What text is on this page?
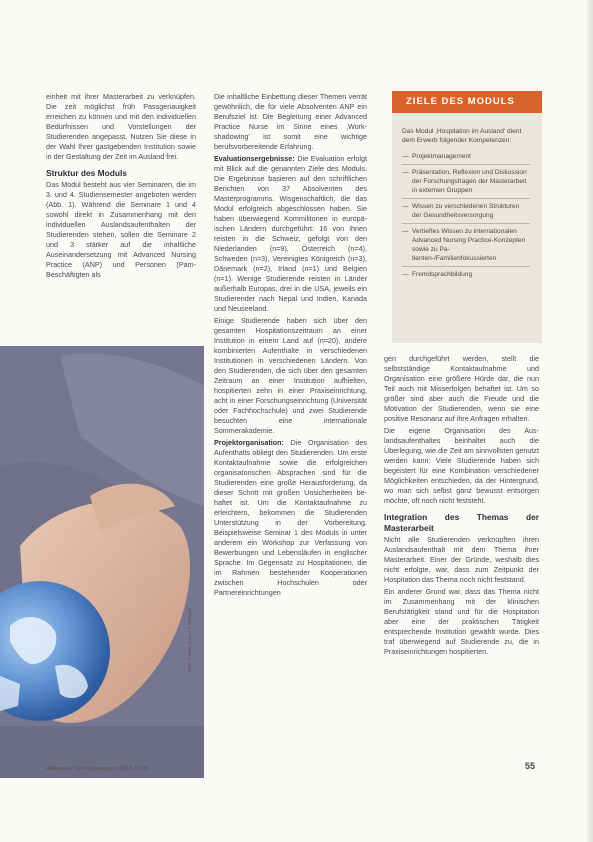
einheit mit ihrer Masterarbeit zu verknüpfen. Die zeit möglichst früh Passgenauigkeit erreichen zu können und mit den individuellen Bedürfnissen und Vorstellungen der Studierenden angepasst. Nutzen Sie diese in der Wahl Ihrer gastgebenden Institution sowie in der Gestaltung der Zeit im Ausland frei.

Struktur des Moduls

Das Modul besteht aus vier Seminaren, die im 3. und 4. Studiensemester angeboten werden (Abb. 1). Während die Seminare 1 und 4 sowohl direkt in Zusammenhang mit den individuellen Auslandsaufenthalten der Studierenden stehen, sollen die Seminare 2 und 3 stärker auf die inhaltliche Auseinandersetzung mit Advanced Nursing Practice (ANP) und Personen (Pam-Beschäftigten als

Foto: Fotolia_xxxxx / © Fotograf

Die inhaltliche Einbettung dieser Themen verrät gewöhnlich, die für viele Absolventen ANP ein Berufsziel ist. Die Begleitung einer Advanced Practice Nurse im Sinne eines ‚Work-shadowing' ist somit eine wichtige berufsvorbereitende Erfahrung.

Evaluationsergebnisse: Die Evaluation erfolgt mit Blick auf die genannten Ziele des Moduls. Die Ergebnisse basieren auf den schriftlichen Berichten von 37 Absolventen des Masterprogramms. Wisgenschaftlich, die das Modul erfolgreich abgeschlossen haben. Sie haben überwiegend Kommilitonen in europäischen Ländern durchgeführt: 16 von ihnen reisten in die Schweiz, gefolgt von den Niederlanden (n=9), Österreich (n=4), Schweden (n=3), Vereinigtes Königreich (n=3), Dänemark (n=2), Irland (n=1) und Belgien (n=1). Wenige Studierende reisten in Länder außerhalb Europas, drei in die USA, jeweils ein Studierender nach Nepal und Indien, Kanada und Neuseeland.

Einige Studierende haben sich über den gesamten Hospitationszeitraum an einer Institution in einem Land auf (n=20), andere kombinierten Aufenthalte in verschiedenen Institutionen in verschiedenen Ländern. Von den Studierenden, die sich über den gesamten Zeitraum an einer Institution aufhielten, hospitierten zehn in einer Praxiseinrichtung, acht in einer Forschungseinrichtung (Universität oder Fachhochschule) und zwei Studierende besuchten eine internationale Sommerakademie.

Projektorganisation: Die Organisation des Aufenthalts obliegt den Studierenden. Um erste Kontaktaufnahme sowie die erfolgreichen organisatorischen Absprachen sind für die Studierenden eine große Herausforderung, da dieser Schritt mit großen Unsicherheiten behaftet ist. Um die Kontaktaufnahme zu erleichtern, bekommen die Studierenden Unterstützung in der Vorbereitung. Beispielsweise Seminar 1 des Moduls in unter anderem ein Workshop zur Verfassung von Bewerbungen und Lebensläufen in englischer Sprache. Im Gegensatz zu Hospitationen, die im Rahmen bestehender Kooperationen zwischen Hochschulen oder Partnereinrichtungen

ZIELE DES MODULS

Das Modul ‚Hospitation im Ausland' dient dem Erwerb folgender Kompetenzen:

— Projektmanagement
— Präsentation, Reflexion und Diskussion der Forschungsfragen der Masterarbeit in externen Gruppen
— Wissen zu verschiedenen Strukturen der Gesundheitsversorgung
— Vertieftes Wissen zu internationalen Advanced Nursing Practice-Konzepten sowie zu Patienten-/Familienfokussierten
— Fremdsprachbildung

gen durchgeführt werden, stellt die selbstständige Kontaktaufnahme und Organisation eine größere Hürde dar, die nun Teil auch mit Misserfolgen behaftet ist. Um so größer sind aber auch die Freude und die Motivation der Studierenden, wenn sie eine positive Resonanz auf ihre Anfragen erhalten.

Die eigene Organisation des Auslandsaufenthaltes beinhaltet auch die Überlegung, wie die Zeit am sinnvollsten genutzt werden kann: Viele Studierende haben sich begeistert für eine Kombination verschiedener Möglichkeiten entschieden, da der Hintergrund, wo man sich selbst ganz bewusst entsorgen möchte, oft noch nicht feststeht.

Integration des Themas der Masterarbeit

Nicht alle Studierenden verknüpften ihren Auslandsaufenthalt mit dem Thema ihrer Masterarbeit. Einer der Gründe, weshalb dies nicht erfolgte, war, dass zum Zeitpunkt der Hospitation das Thema noch nicht feststand.

Ein anderer Grund war, dass das Thema nicht im Zusammenhang mit der klinischen Berufstätigkeit stand und für die Hospitation aber eine der praktischen Tätigkeit entsprechende Institution gewählt wurde. Dies traf überwiegend auf Studierende zu, die in Praxiseinrichtungen hospitierten.

Heilberufe / Das Pflegemagazin 2013; 65 (3)	55
